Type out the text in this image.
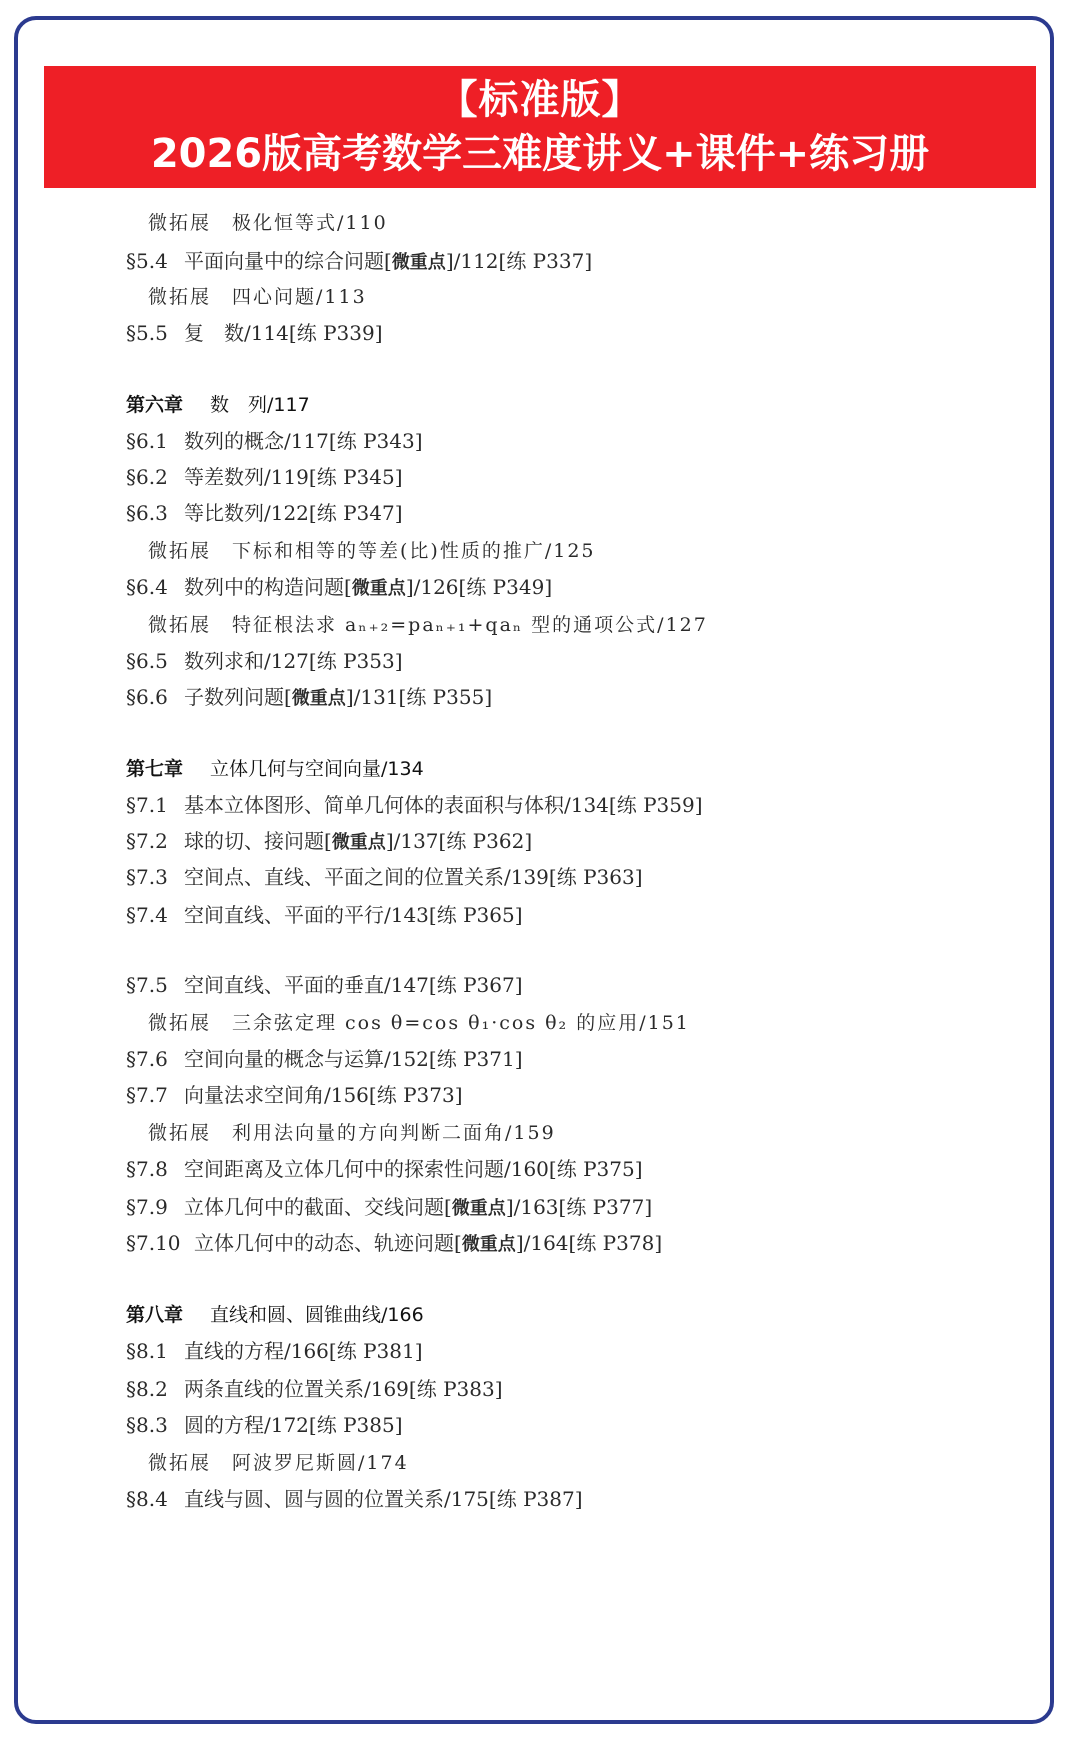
【标准版】
2026版高考数学三难度讲义+课件+练习册
微拓展 极化恒等式/110
§5.4 平面向量中的综合问题[微重点]/112[练 P337]
微拓展 四心问题/113
§5.5 复　数/114[练 P339]
第六章 数　列/117
§6.1 数列的概念/117[练 P343]
§6.2 等差数列/119[练 P345]
§6.3 等比数列/122[练 P347]
微拓展 下标和相等的等差(比)性质的推广/125
§6.4 数列中的构造问题[微重点]/126[练 P349]
微拓展 特征根法求 aₙ₊₂=paₙ₊₁+qaₙ 型的通项公式/127
§6.5 数列求和/127[练 P353]
§6.6 子数列问题[微重点]/131[练 P355]
第七章 立体几何与空间向量/134
§7.1 基本立体图形、简单几何体的表面积与体积/134[练 P359]
§7.2 球的切、接问题[微重点]/137[练 P362]
§7.3 空间点、直线、平面之间的位置关系/139[练 P363]
§7.4 空间直线、平面的平行/143[练 P365]
§7.5 空间直线、平面的垂直/147[练 P367]
微拓展 三余弦定理 cos θ=cos θ₁·cos θ₂ 的应用/151
§7.6 空间向量的概念与运算/152[练 P371]
§7.7 向量法求空间角/156[练 P373]
微拓展 利用法向量的方向判断二面角/159
§7.8 空间距离及立体几何中的探索性问题/160[练 P375]
§7.9 立体几何中的截面、交线问题[微重点]/163[练 P377]
§7.10 立体几何中的动态、轨迹问题[微重点]/164[练 P378]
第八章 直线和圆、圆锥曲线/166
§8.1 直线的方程/166[练 P381]
§8.2 两条直线的位置关系/169[练 P383]
§8.3 圆的方程/172[练 P385]
微拓展 阿波罗尼斯圆/174
§8.4 直线与圆、圆与圆的位置关系/175[练 P387]
